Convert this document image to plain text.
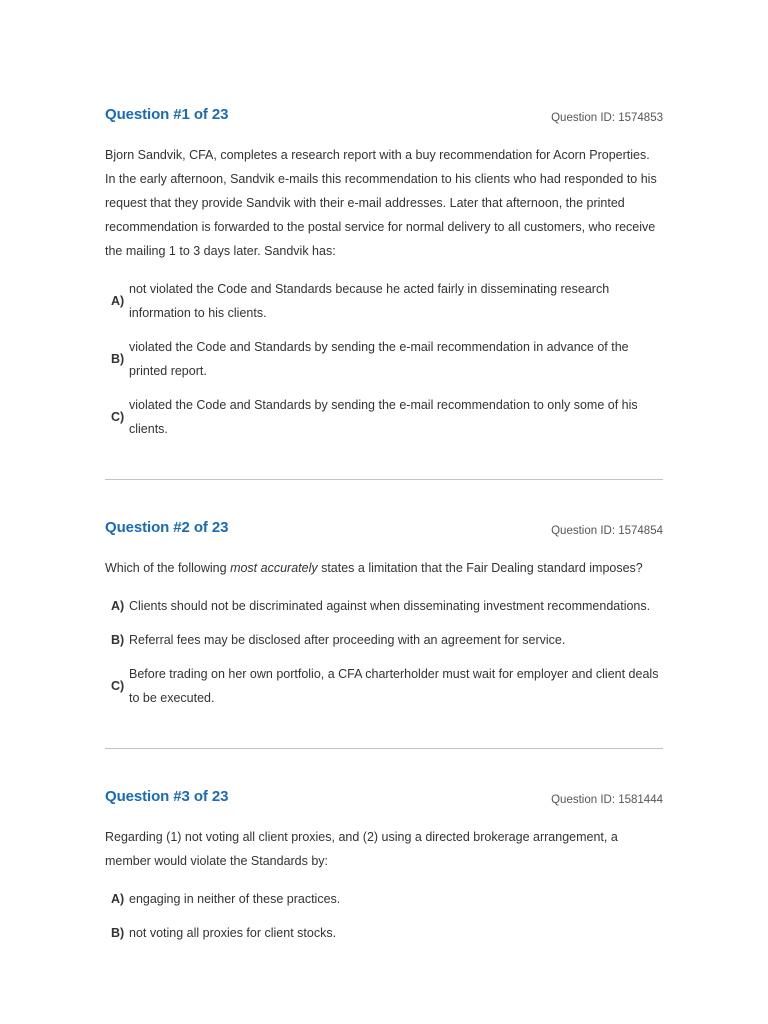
Question #1 of 23	Question ID: 1574853

Bjorn Sandvik, CFA, completes a research report with a buy recommendation for Acorn Properties. In the early afternoon, Sandvik e-mails this recommendation to his clients who had responded to his request that they provide Sandvik with their e-mail addresses. Later that afternoon, the printed recommendation is forwarded to the postal service for normal delivery to all customers, who receive the mailing 1 to 3 days later. Sandvik has:

A)
not violated the Code and Standards because he acted fairly in disseminating research information to his clients.
B)
violated the Code and Standards by sending the e-mail recommendation in advance of the printed report.
C)
violated the Code and Standards by sending the e-mail recommendation to only some of his clients.
Question #2 of 23	Question ID: 1574854

Which of the following most accurately states a limitation that the Fair Dealing standard imposes?

A) Clients should not be discriminated against when disseminating investment recommendations.
B) Referral fees may be disclosed after proceeding with an agreement for service.
C)
Before trading on her own portfolio, a CFA charterholder must wait for employer and client deals to be executed.
Question #3 of 23	Question ID: 1581444

Regarding (1) not voting all client proxies, and (2) using a directed brokerage arrangement, a member would violate the Standards by:

A) engaging in neither of these practices.
B) not voting all proxies for client stocks.
